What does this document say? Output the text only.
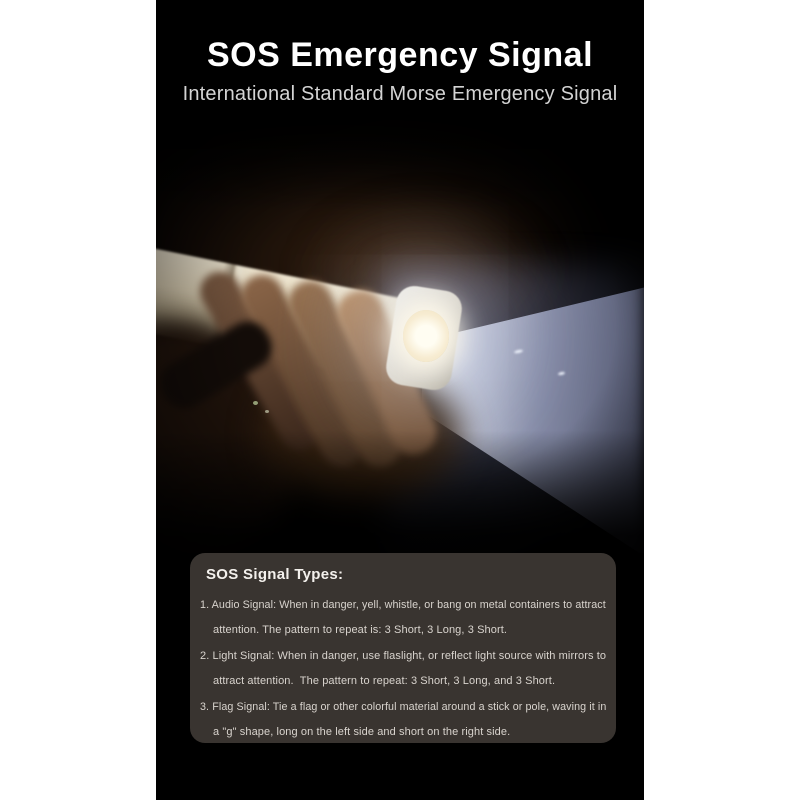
SOS Emergency Signal
International Standard Morse Emergency Signal
SOS Signal Types:
1. Audio Signal: When in danger, yell, whistle, or bang on metal containers to attract
attention. The pattern to repeat is: 3 Short, 3 Long, 3 Short.
2. Light Signal: When in danger, use flaslight, or reflect light source with mirrors to
attract attention.  The pattern to repeat: 3 Short, 3 Long, and 3 Short.
3. Flag Signal: Tie a flag or other colorful material around a stick or pole, waving it in
a "g" shape, long on the left side and short on the right side.
